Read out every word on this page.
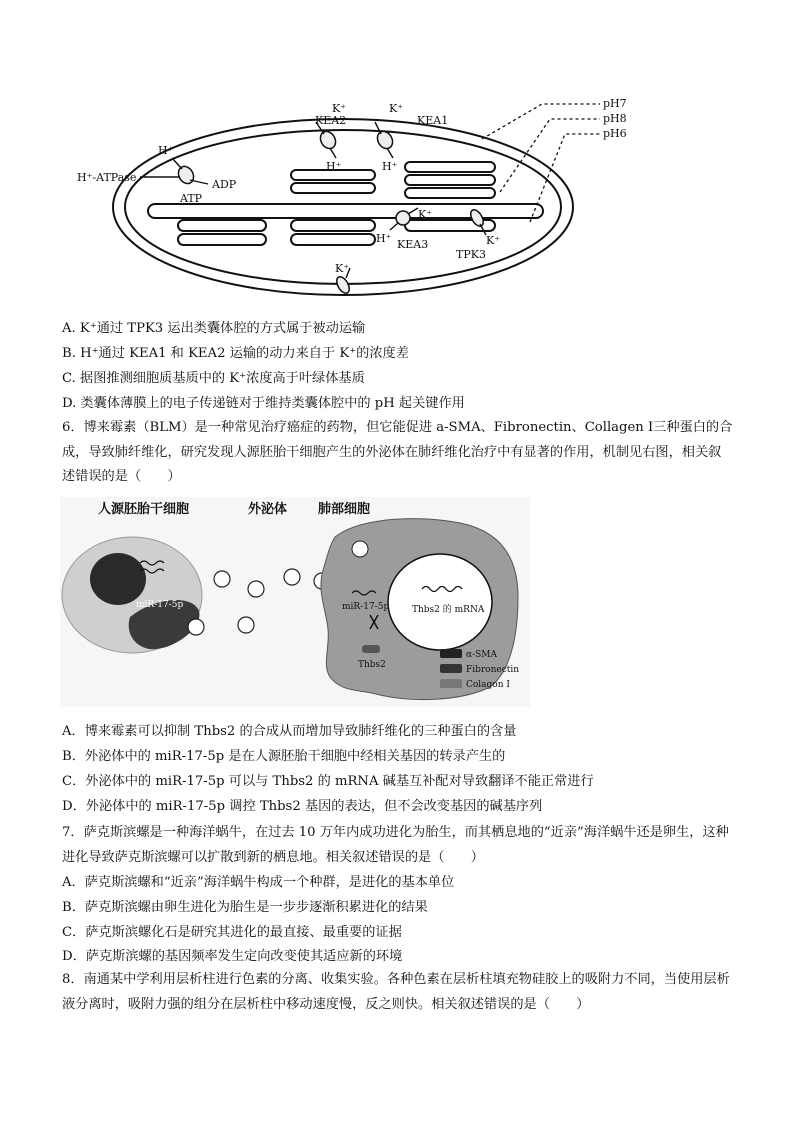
pH7
pH8
pH6
H⁺-ATPase
ADP
ATP
H⁺
KEA2
K⁺
H⁺
K⁺
KEA1
H⁺
K⁺
H⁺ KEA3	K⁺
TPK3
K⁺
A. K⁺通过 TPK3 运出类囊体腔的方式属于被动运输
B. H⁺通过 KEA1 和 KEA2 运输的动力来自于 K⁺的浓度差
C. 据图推测细胞质基质中的 K⁺浓度高于叶绿体基质
D. 类囊体薄膜上的电子传递链对于维持类囊体腔中的 pH 起关键作用
6．博来霉素（BLM）是一种常见治疗癌症的药物，但它能促进 a-SMA、Fibronectin、Collagen Ⅰ三种蛋白的合成，导致肺纤维化，研究发现人源胚胎干细胞产生的外泌体在肺纤维化治疗中有显著的作用，机制见右图，相关叙述错误的是（　　）
人源胚胎干细胞	外泌体 肺部细胞
miR-17-5p	miR-17-5p	Thbs2 的 mRNA
Thbs2
α-SMA
Fibronectin
Colagon Ⅰ
A．博来霉素可以抑制 Thbs2 的合成从而增加导致肺纤维化的三种蛋白的含量
B．外泌体中的 miR-17-5p 是在人源胚胎干细胞中经相关基因的转录产生的
C．外泌体中的 miR-17-5p 可以与 Thbs2 的 mRNA 碱基互补配对导致翻译不能正常进行
D．外泌体中的 miR-17-5p 调控 Thbs2 基因的表达，但不会改变基因的碱基序列
7．萨克斯滨螺是一种海洋蜗牛，在过去 10 万年内成功进化为胎生，而其栖息地的“近亲”海洋蜗牛还是卵生，这种进化导致萨克斯滨螺可以扩散到新的栖息地。相关叙述错误的是（　　）
A．萨克斯滨螺和“近亲”海洋蜗牛构成一个种群，是进化的基本单位
B．萨克斯滨螺由卵生进化为胎生是一步步逐渐积累进化的结果
C．萨克斯滨螺化石是研究其进化的最直接、最重要的证据
D．萨克斯滨螺的基因频率发生定向改变使其适应新的环境
8．南通某中学利用层析柱进行色素的分离、收集实验。各种色素在层析柱填充物硅胶上的吸附力不同，当使用层析液分离时，吸附力强的组分在层析柱中移动速度慢，反之则快。相关叙述错误的是（　　）
